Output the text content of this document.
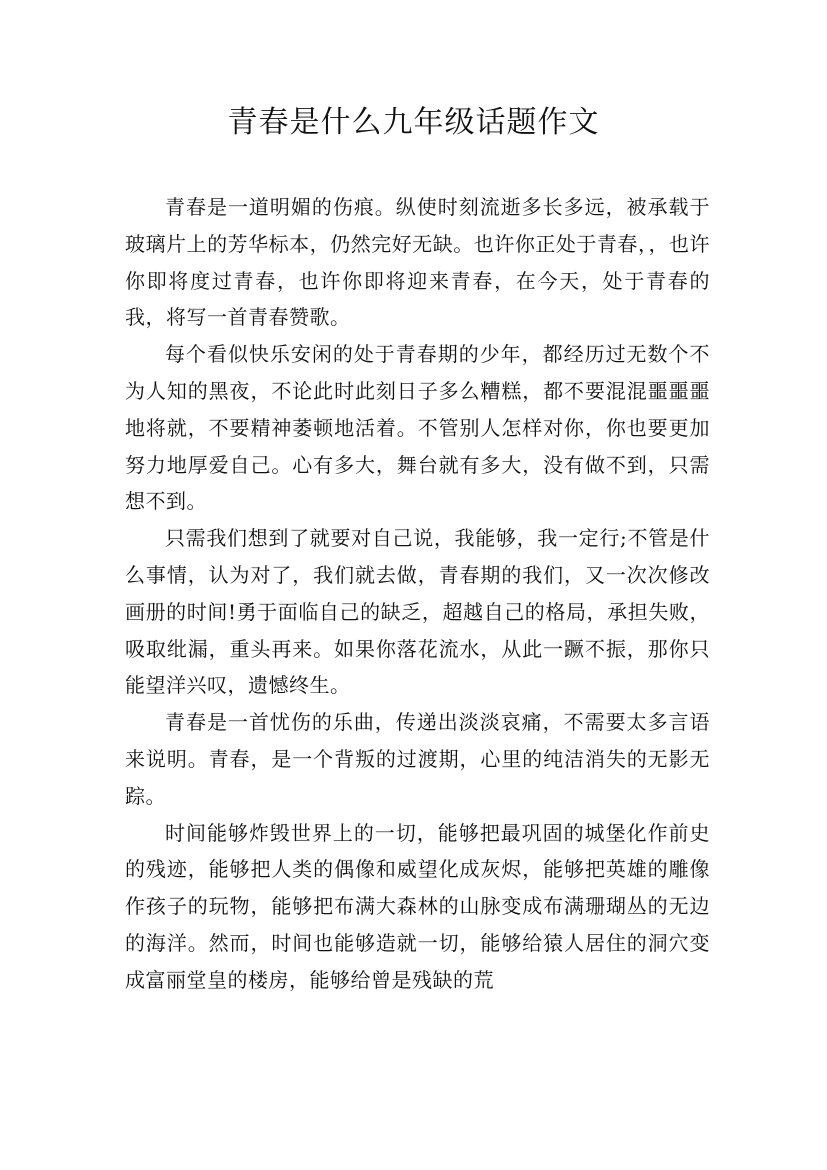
青春是什么九年级话题作文

青春是一道明媚的伤痕。纵使时刻流逝多长多远，被承载于玻璃片上的芳华标本，仍然完好无缺。也许你正处于青春，，也许你即将度过青春，也许你即将迎来青春，在今天，处于青春的我，将写一首青春赞歌。

每个看似快乐安闲的处于青春期的少年，都经历过无数个不为人知的黑夜，不论此时此刻日子多么糟糕，都不要混混噩噩噩地将就，不要精神萎顿地活着。不管别人怎样对你，你也要更加努力地厚爱自己。心有多大，舞台就有多大，没有做不到，只需想不到。

只需我们想到了就要对自己说，我能够，我一定行;不管是什么事情，认为对了，我们就去做，青春期的我们，又一次次修改画册的时间!勇于面临自己的缺乏，超越自己的格局，承担失败，吸取纰漏，重头再来。如果你落花流水，从此一蹶不振，那你只能望洋兴叹，遗憾终生。

青春是一首忧伤的乐曲，传递出淡淡哀痛，不需要太多言语来说明。青春，是一个背叛的过渡期，心里的纯洁消失的无影无踪。

时间能够炸毁世界上的一切，能够把最巩固的城堡化作前史的残迹，能够把人类的偶像和威望化成灰烬，能够把英雄的雕像作孩子的玩物，能够把布满大森林的山脉变成布满珊瑚丛的无边的海洋。然而，时间也能够造就一切，能够给猿人居住的洞穴变成富丽堂皇的楼房，能够给曾是残缺的荒
